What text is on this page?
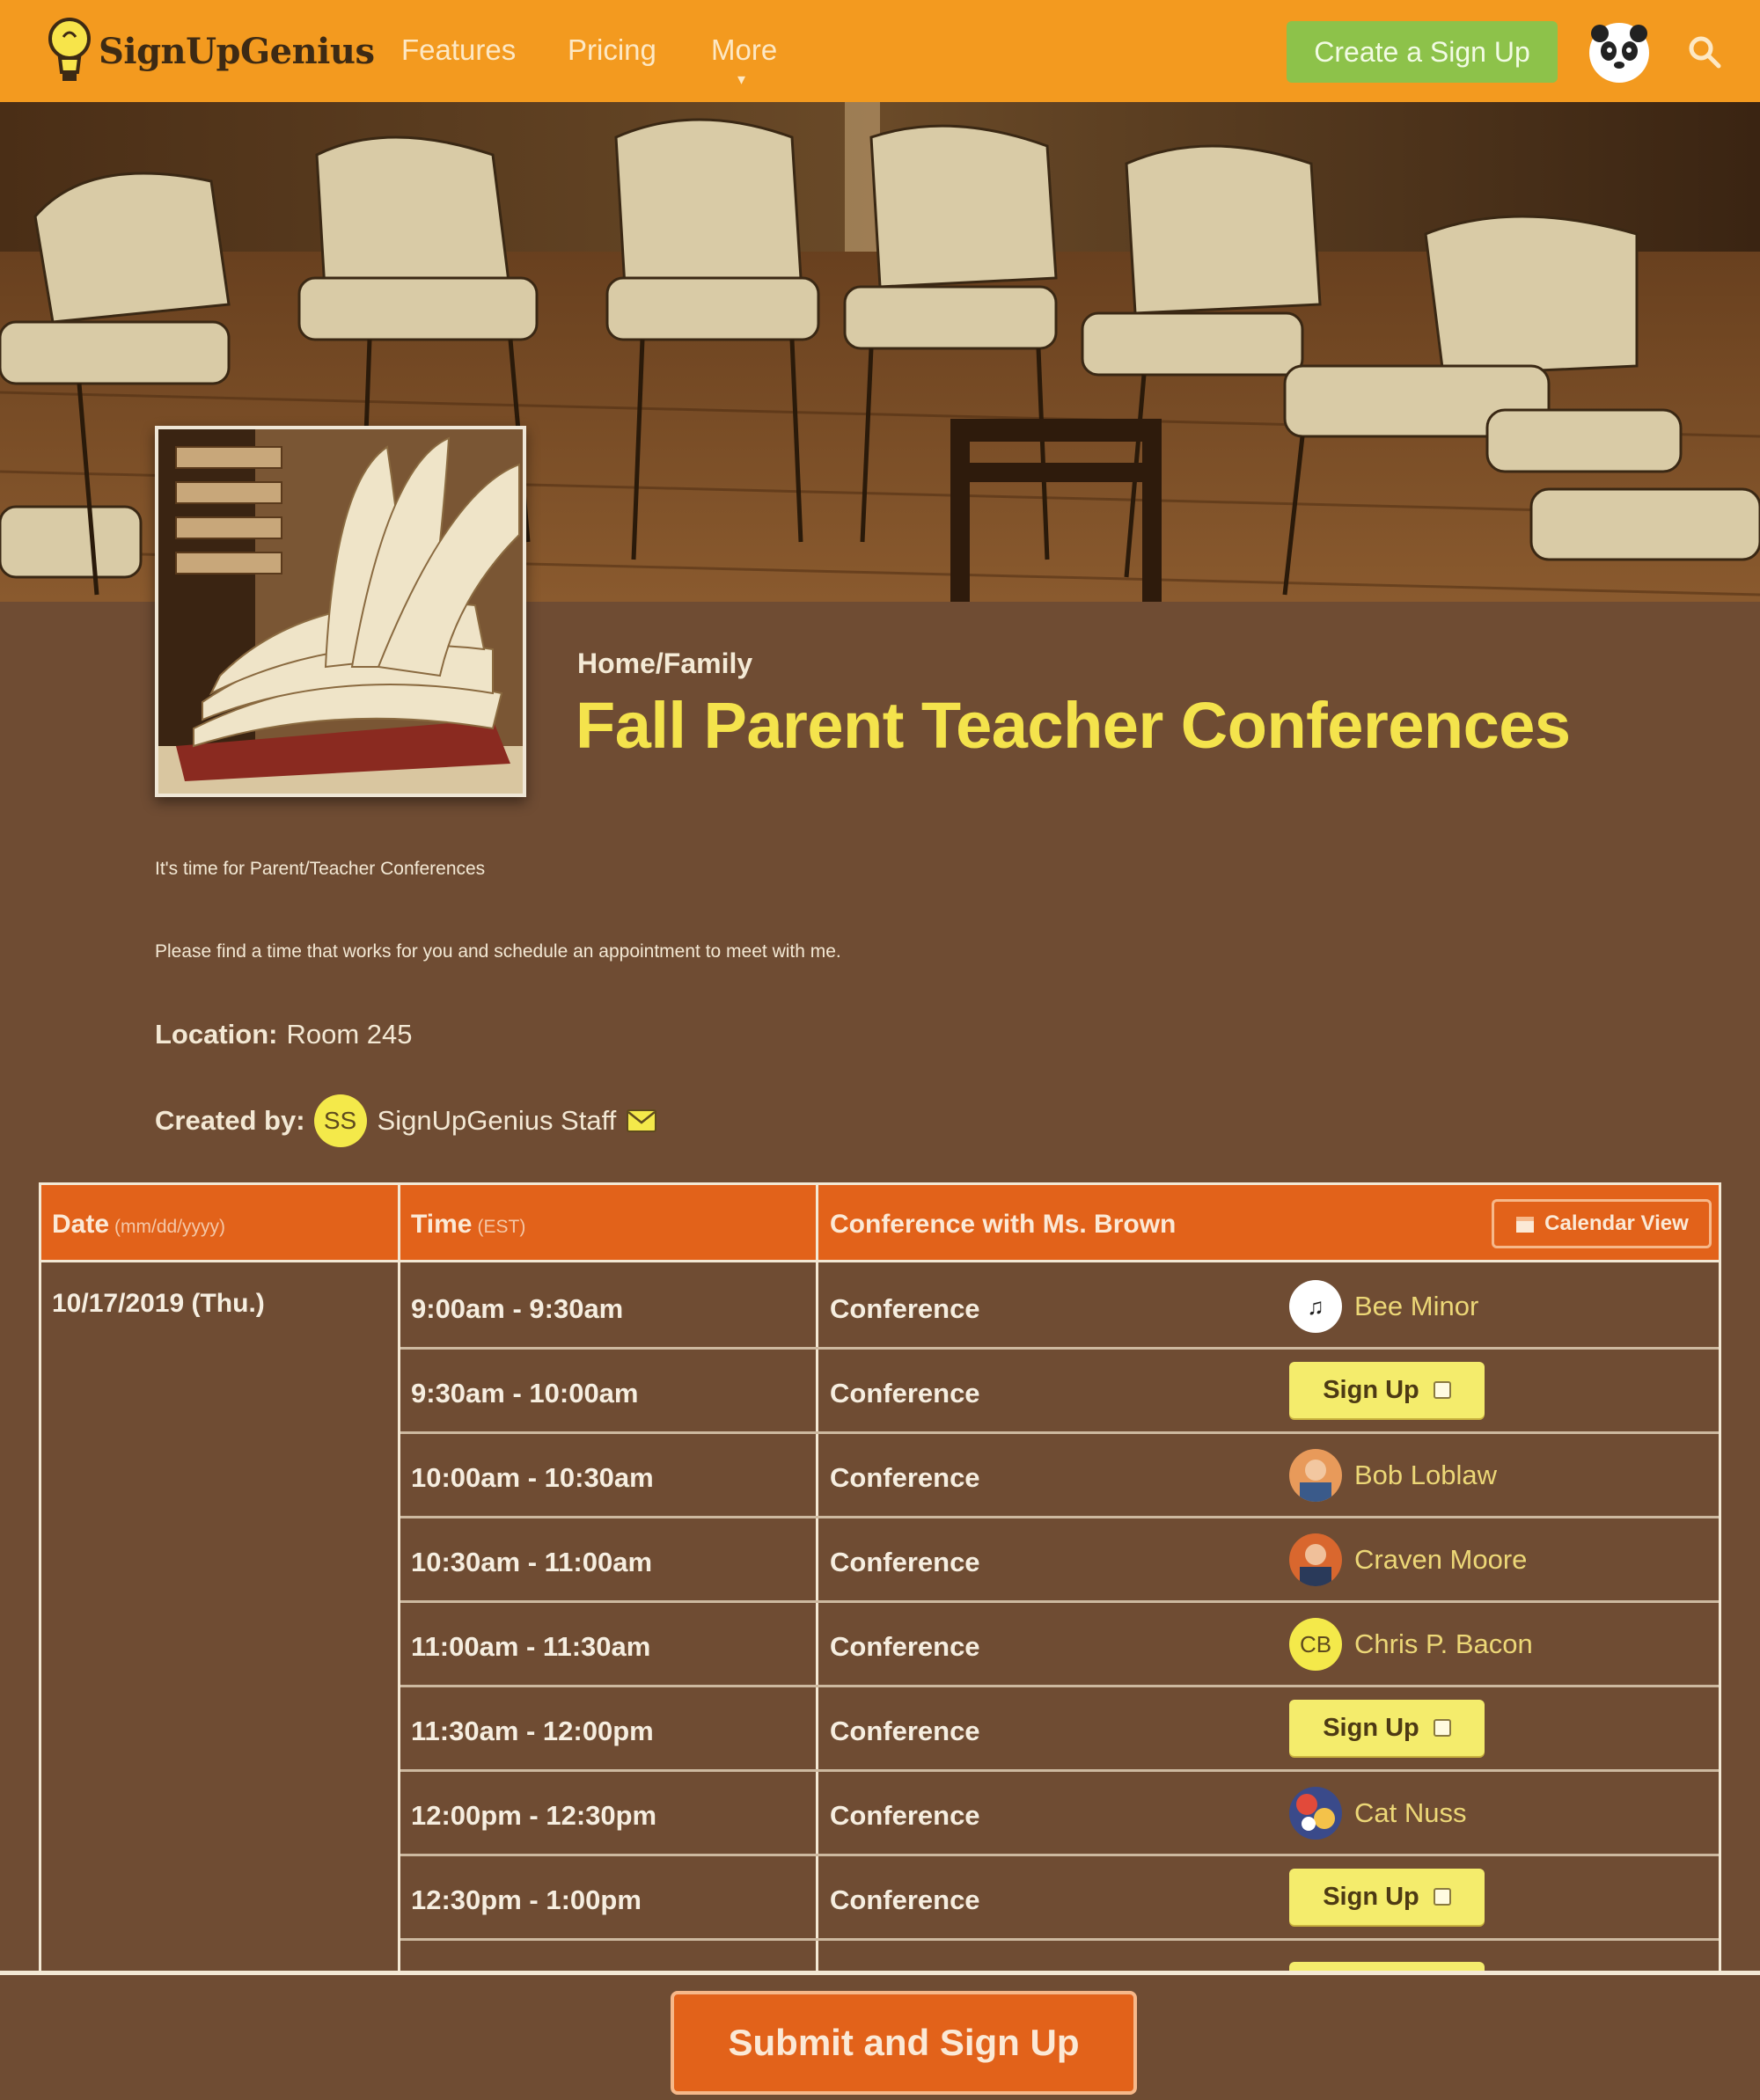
SignUpGenius Features Pricing More
▾
Create a Sign Up
Home/Family
Fall Parent Teacher Conferences

It's time for Parent/Teacher Conferences

Please find a time that works for you and schedule an appointment to meet with me.

Location: Room 245
Created by: SS SignUpGenius Staff
Date (mm/dd/yyyy)	Time (EST)	Conference with Ms. Brown	Calendar View
10/17/2019 (Thu.)	9:00am - 9:30am	Conference	♫	Bee Minor
9:30am - 10:00am	Conference	Sign Up
10:00am - 10:30am	Conference	Bob Loblaw
10:30am - 11:00am	Conference	Craven Moore
11:00am - 11:30am	Conference	CB Chris P. Bacon
11:30am - 12:00pm	Conference	Sign Up
12:00pm - 12:30pm	Conference	Cat Nuss
12:30pm - 1:00pm	Conference	Sign Up
Submit and Sign Up
